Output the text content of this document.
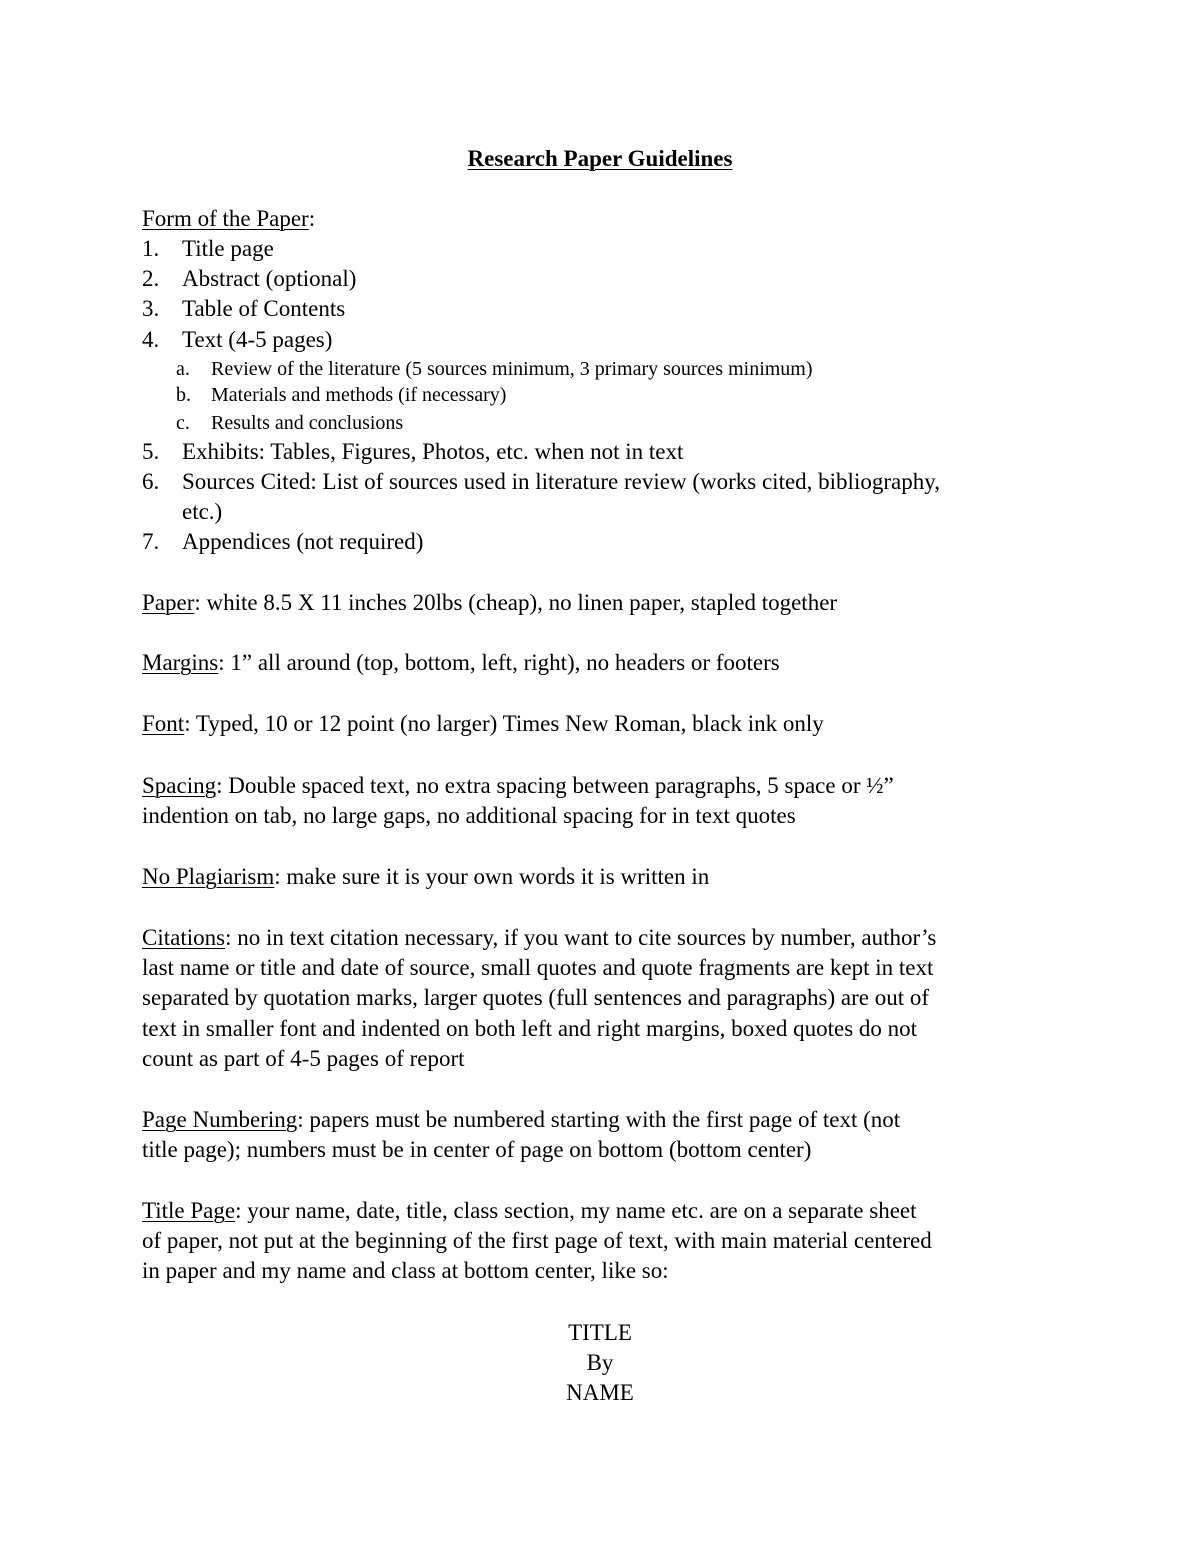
Research Paper Guidelines
Form of the Paper:
1. Title page
2. Abstract (optional)
3. Table of Contents
4. Text (4-5 pages)
a. Review of the literature (5 sources minimum, 3 primary sources minimum)
b. Materials and methods (if necessary)
c. Results and conclusions
5. Exhibits: Tables, Figures, Photos, etc. when not in text
6. Sources Cited: List of sources used in literature review (works cited, bibliography,
etc.)
7. Appendices (not required)
Paper: white 8.5 X 11 inches 20lbs (cheap), no linen paper, stapled together
Margins: 1” all around (top, bottom, left, right), no headers or footers
Font: Typed, 10 or 12 point (no larger) Times New Roman, black ink only
Spacing: Double spaced text, no extra spacing between paragraphs, 5 space or ½”
indention on tab, no large gaps, no additional spacing for in text quotes
No Plagiarism: make sure it is your own words it is written in
Citations: no in text citation necessary, if you want to cite sources by number, author’s
last name or title and date of source, small quotes and quote fragments are kept in text
separated by quotation marks, larger quotes (full sentences and paragraphs) are out of
text in smaller font and indented on both left and right margins, boxed quotes do not
count as part of 4-5 pages of report
Page Numbering: papers must be numbered starting with the first page of text (not
title page); numbers must be in center of page on bottom (bottom center)
Title Page: your name, date, title, class section, my name etc. are on a separate sheet
of paper, not put at the beginning of the first page of text, with main material centered
in paper and my name and class at bottom center, like so:
TITLE
By
NAME
